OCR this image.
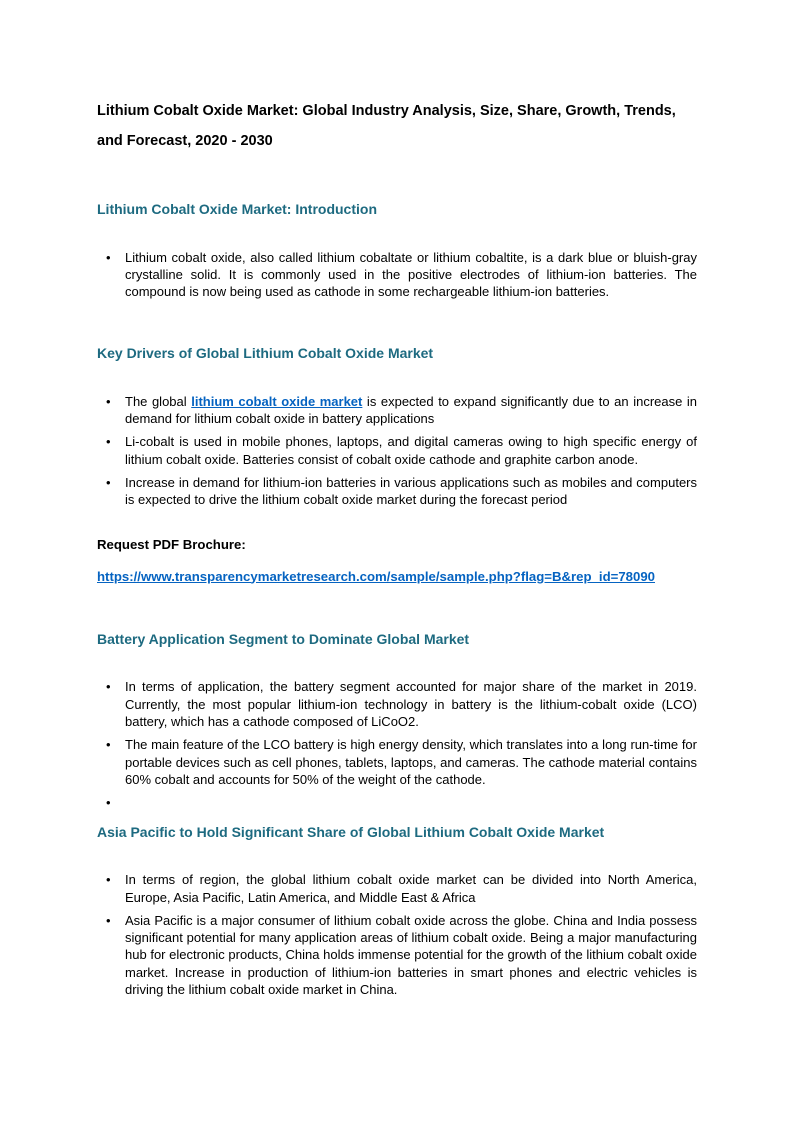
Lithium Cobalt Oxide Market: Global Industry Analysis, Size, Share, Growth, Trends, and Forecast, 2020 - 2030
Lithium Cobalt Oxide Market: Introduction
• Lithium cobalt oxide, also called lithium cobaltate or lithium cobaltite, is a dark blue or bluish-gray crystalline solid. It is commonly used in the positive electrodes of lithium-ion batteries. The compound is now being used as cathode in some rechargeable lithium-ion batteries.
Key Drivers of Global Lithium Cobalt Oxide Market
• The global lithium cobalt oxide market is expected to expand significantly due to an increase in demand for lithium cobalt oxide in battery applications
• Li-cobalt is used in mobile phones, laptops, and digital cameras owing to high specific energy of lithium cobalt oxide. Batteries consist of cobalt oxide cathode and graphite carbon anode.
• Increase in demand for lithium-ion batteries in various applications such as mobiles and computers is expected to drive the lithium cobalt oxide market during the forecast period

Request PDF Brochure:

https://www.transparencymarketresearch.com/sample/sample.php?flag=B&rep_id=78090

Battery Application Segment to Dominate Global Market
• In terms of application, the battery segment accounted for major share of the market in 2019. Currently, the most popular lithium-ion technology in battery is the lithium-cobalt oxide (LCO) battery, which has a cathode composed of LiCoO2.
• The main feature of the LCO battery is high energy density, which translates into a long run-time for portable devices such as cell phones, tablets, laptops, and cameras. The cathode material contains 60% cobalt and accounts for 50% of the weight of the cathode.
•
Asia Pacific to Hold Significant Share of Global Lithium Cobalt Oxide Market
• In terms of region, the global lithium cobalt oxide market can be divided into North America, Europe, Asia Pacific, Latin America, and Middle East & Africa
• Asia Pacific is a major consumer of lithium cobalt oxide across the globe. China and India possess significant potential for many application areas of lithium cobalt oxide. Being a major manufacturing hub for electronic products, China holds immense potential for the growth of the lithium cobalt oxide market. Increase in production of lithium-ion batteries in smart phones and electric vehicles is driving the lithium cobalt oxide market in China.
